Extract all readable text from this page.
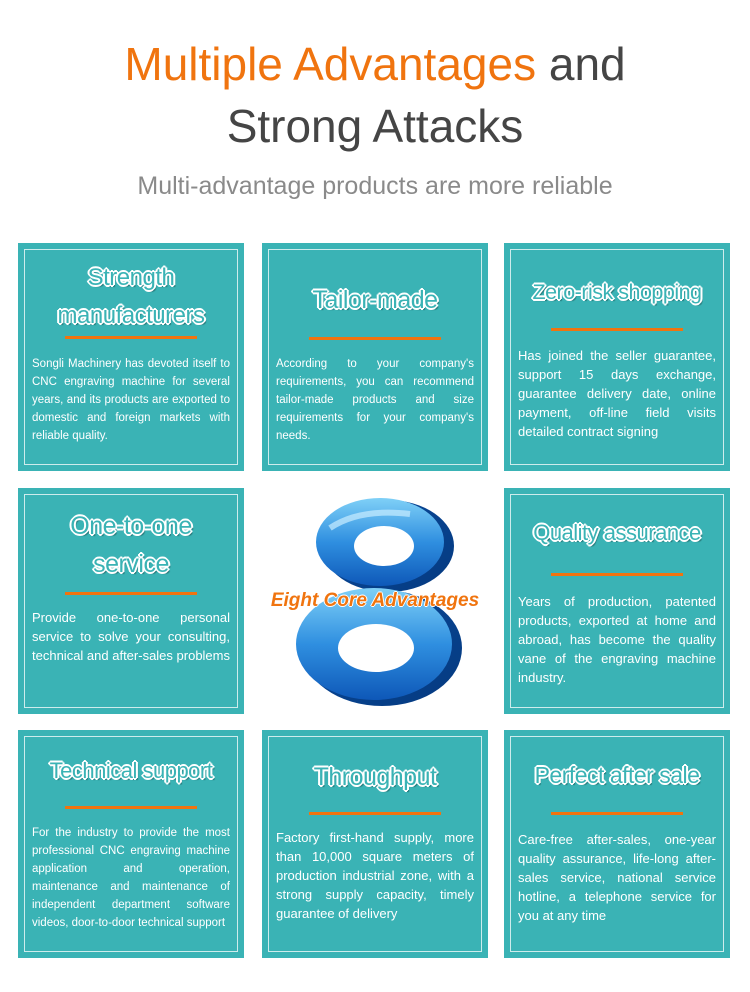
Multiple Advantages and
Strong Attacks
Multi-advantage products are more reliable
Strength manufacturers
Songli Machinery has devoted itself to CNC engraving machine for several years, and its products are exported to domestic and foreign markets with reliable quality.
Tailor-made
According to your company's requirements, you can recommend tailor-made products and size requirements for your company's needs.
Zero-risk shopping
Has joined the seller guarantee, support 15 days exchange, guarantee delivery date, online payment, off-line field visits detailed contract signing
One-to-one service
Provide one-to-one personal service to solve your consulting, technical and after-sales problems
Eight Core Advantages
Quality assurance
Years of production, patented products, exported at home and abroad, has become the quality vane of the engraving machine industry.
Technical support
For the industry to provide the most professional CNC engraving machine application and operation, maintenance and maintenance of independent department software videos, door-to-door technical support
Throughput
Factory first-hand supply, more than 10,000 square meters of production industrial zone, with a strong supply capacity, timely guarantee of delivery
Perfect after sale
Care-free after-sales, one-year quality assurance, life-long after-sales service, national service hotline, a telephone service for you at any time
